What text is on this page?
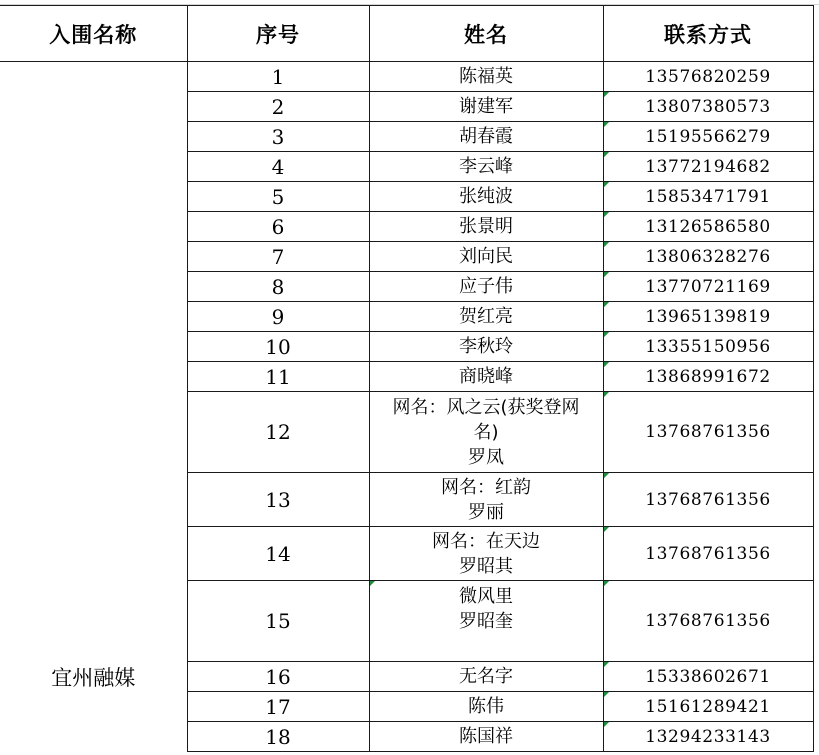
入围名称	序号	姓名	联系方式
宜州融媒	1	陈福英	13576820259
	2	谢建军	13807380573

	3	胡春霞	15195566279

	4	李云峰	13772194682

	5	张纯波	15853471791

	6	张景明	13126586580

	7	刘向民	13806328276

	8	应子伟	13770721169

	9	贺红亮	13965139819

	10	李秋玲	13355150956

	11	商晓峰	13868991672

	12	网名：风之云(获奖登网
名)
罗凤	13768761356

	13	网名：红韵
罗丽	13768761356

	14	网名：在天边
罗昭其	13768761356

	15	微风里
罗昭奎	13768761356

	16	无名字	15338602671

	17	陈伟	15161289421

	18	陈国祥	13294233143
